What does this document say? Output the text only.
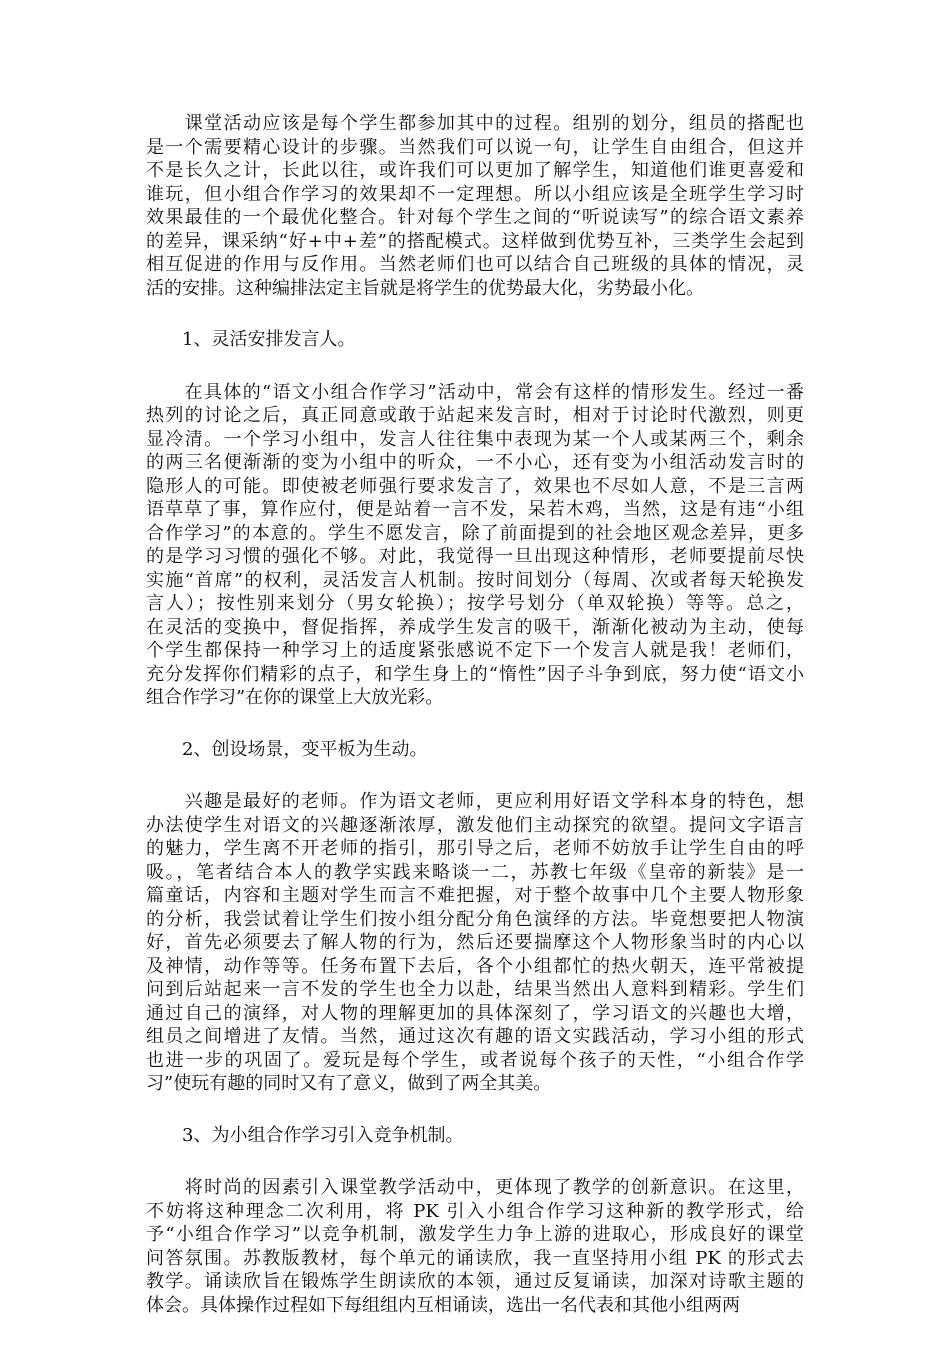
　　课堂活动应该是每个学生都参加其中的过程。组别的划分，组员的搭配也
是一个需要精心设计的步骤。当然我们可以说一句，让学生自由组合，但这并
不是长久之计，长此以往，或许我们可以更加了解学生，知道他们谁更喜爱和
谁玩，但小组合作学习的效果却不一定理想。所以小组应该是全班学生学习时
效果最佳的一个最优化整合。针对每个学生之间的“听说读写”的综合语文素养
的差异，课采纳“好+中+差”的搭配模式。这样做到优势互补，三类学生会起到
相互促进的作用与反作用。当然老师们也可以结合自己班级的具体的情况，灵
活的安排。这种编排法定主旨就是将学生的优势最大化，劣势最小化。
　　1、灵活安排发言人。
　　在具体的“语文小组合作学习”活动中，常会有这样的情形发生。经过一番
热列的讨论之后，真正同意或敢于站起来发言时，相对于讨论时代激烈，则更
显冷清。一个学习小组中，发言人往往集中表现为某一个人或某两三个，剩余
的两三名便渐渐的变为小组中的听众，一不小心，还有变为小组活动发言时的
隐形人的可能。即使被老师强行要求发言了，效果也不尽如人意，不是三言两
语草草了事，算作应付，便是站着一言不发，呆若木鸡，当然，这是有违“小组
合作学习”的本意的。学生不愿发言，除了前面提到的社会地区观念差异，更多
的是学习习惯的强化不够。对此，我觉得一旦出现这种情形，老师要提前尽快
实施“首席”的权利，灵活发言人机制。按时间划分（每周、次或者每天轮换发
言人）；按性别来划分（男女轮换）；按学号划分（单双轮换）等等。总之，
在灵活的变换中，督促指挥，养成学生发言的吸干，渐渐化被动为主动，使每
个学生都保持一种学习上的适度紧张感说不定下一个发言人就是我！老师们，
充分发挥你们精彩的点子，和学生身上的“惰性”因子斗争到底，努力使“语文小
组合作学习”在你的课堂上大放光彩。
　　2、创设场景，变平板为生动。
　　兴趣是最好的老师。作为语文老师，更应利用好语文学科本身的特色，想
办法使学生对语文的兴趣逐渐浓厚，激发他们主动探究的欲望。提问文字语言
的魅力，学生离不开老师的指引，那引导之后，老师不妨放手让学生自由的呼
吸。，笔者结合本人的教学实践来略谈一二，苏教七年级《皇帝的新装》是一
篇童话，内容和主题对学生而言不难把握，对于整个故事中几个主要人物形象
的分析，我尝试着让学生们按小组分配分角色演绎的方法。毕竟想要把人物演
好，首先必须要去了解人物的行为，然后还要揣摩这个人物形象当时的内心以
及神情，动作等等。任务布置下去后，各个小组都忙的热火朝天，连平常被提
问到后站起来一言不发的学生也全力以赴，结果当然出人意料到精彩。学生们
通过自己的演绎，对人物的理解更加的具体深刻了，学习语文的兴趣也大增，
组员之间增进了友情。当然，通过这次有趣的语文实践活动，学习小组的形式
也进一步的巩固了。爱玩是每个学生，或者说每个孩子的天性，“小组合作学
习”使玩有趣的同时又有了意义，做到了两全其美。
　　3、为小组合作学习引入竞争机制。
　　将时尚的因素引入课堂教学活动中，更体现了教学的创新意识。在这里，
不妨将这种理念二次利用，将 PK 引入小组合作学习这种新的教学形式，给
予“小组合作学习”以竞争机制，激发学生力争上游的进取心，形成良好的课堂
问答氛围。苏教版教材，每个单元的诵读欣，我一直坚持用小组 PK 的形式去
教学。诵读欣旨在锻炼学生朗读欣的本领，通过反复诵读，加深对诗歌主题的
体会。具体操作过程如下每组组内互相诵读，选出一名代表和其他小组两两
